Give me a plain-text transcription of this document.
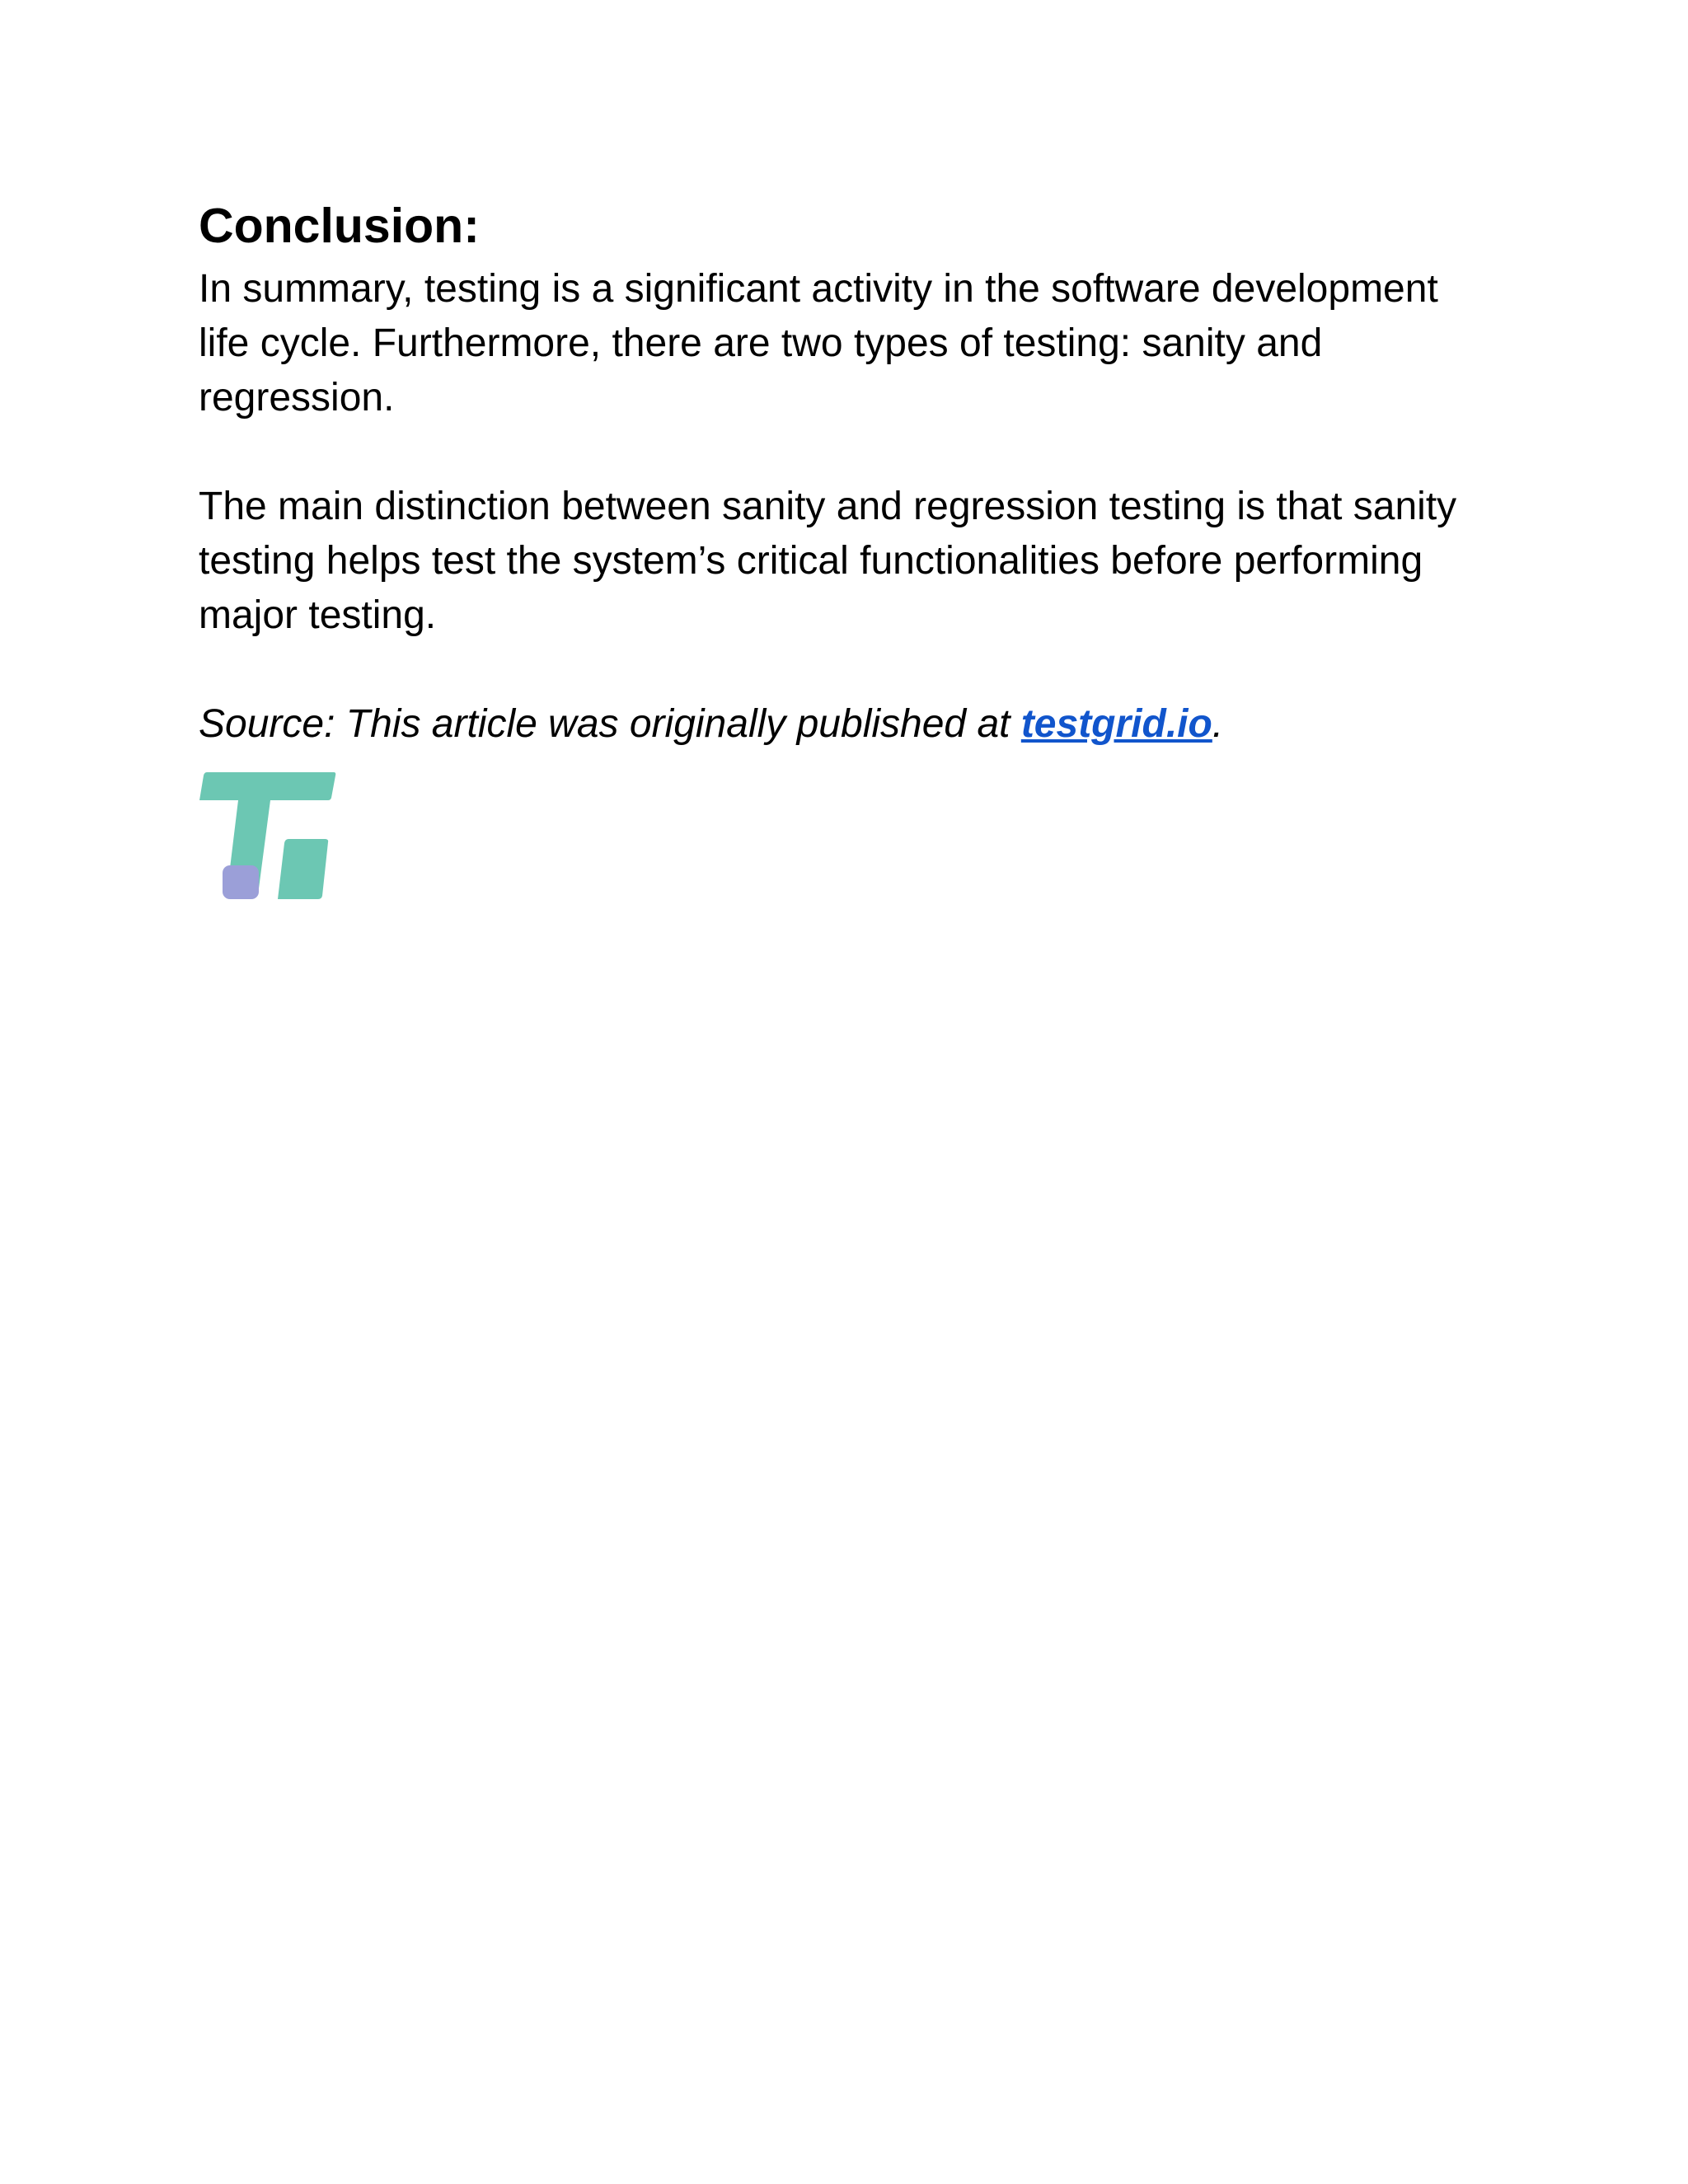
Conclusion:

In summary, testing is a significant activity in the software development life cycle. Furthermore, there are two types of testing: sanity and regression.

The main distinction between sanity and regression testing is that sanity testing helps test the system’s critical functionalities before performing major testing.

Source: This article was originally published at testgrid.io.
